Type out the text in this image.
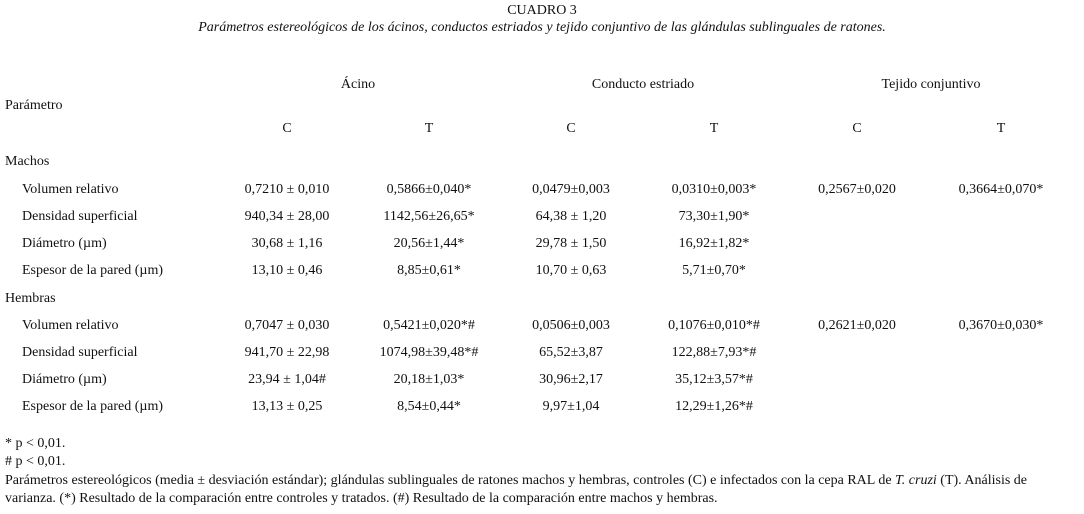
CUADRO 3
Parámetros estereológicos de los ácinos, conductos estriados y tejido conjuntivo de las glándulas sublinguales de ratones.
Ácino	Conducto estriado	Tejido conjuntivo
Parámetro
C	T	C	T	C	T
Machos
Volumen relativo	0,7210 ± 0,010	0,5866±0,040*	0,0479±0,003	0,0310±0,003*	0,2567±0,020	0,3664±0,070*
Densidad superficial	940,34 ± 28,00	1142,56±26,65*	64,38 ± 1,20	73,30±1,90*
Diámetro (µm)	30,68 ± 1,16	20,56±1,44*	29,78 ± 1,50	16,92±1,82*
Espesor de la pared (µm)	13,10 ± 0,46	8,85±0,61*	10,70 ± 0,63	5,71±0,70*
Hembras
Volumen relativo	0,7047 ± 0,030	0,5421±0,020*#	0,0506±0,003	0,1076±0,010*#	0,2621±0,020	0,3670±0,030*
Densidad superficial	941,70 ± 22,98	1074,98±39,48*#	65,52±3,87	122,88±7,93*#
Diámetro (µm)	23,94 ± 1,04#	20,18±1,03*	30,96±2,17	35,12±3,57*#
Espesor de la pared (µm)	13,13 ± 0,25	8,54±0,44*	9,97±1,04	12,29±1,26*#
* p < 0,01.
# p < 0,01.
Parámetros estereológicos (media ± desviación estándar); glándulas sublinguales de ratones machos y hembras, controles (C) e infectados con la cepa RAL de T. cruzi (T). Análisis de varianza. (*) Resultado de la comparación entre controles y tratados. (#) Resultado de la comparación entre machos y hembras.
